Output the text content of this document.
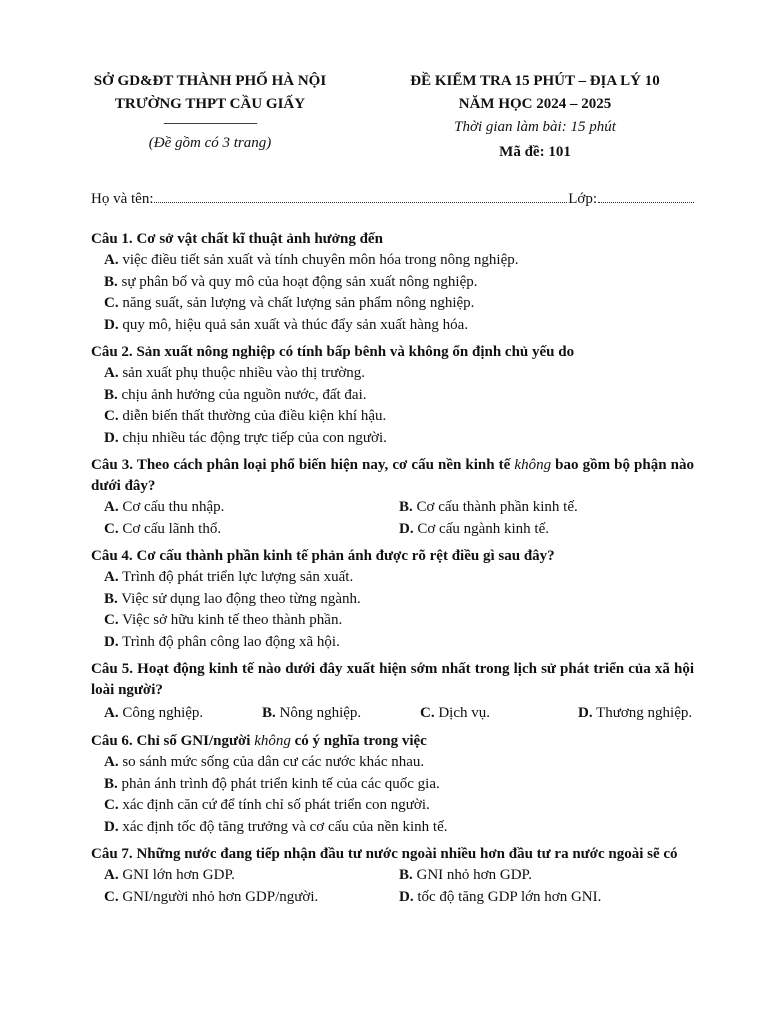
SỞ GD&ĐT THÀNH PHỐ HÀ NỘI
TRƯỜNG THPT CẦU GIẤY
-----------------------------------
(Đề gồm có 3 trang)
ĐỀ KIỂM TRA 15 PHÚT – ĐỊA LÝ 10
NĂM HỌC 2024 – 2025
Thời gian làm bài: 15 phút
Mã đề: 101
Họ và tên:	Lớp:
Câu 1. Cơ sở vật chất kĩ thuật ảnh hưởng đến
A. việc điều tiết sản xuất và tính chuyên môn hóa trong nông nghiệp.
B. sự phân bố và quy mô của hoạt động sản xuất nông nghiệp.
C. năng suất, sản lượng và chất lượng sản phẩm nông nghiệp.
D. quy mô, hiệu quả sản xuất và thúc đẩy sản xuất hàng hóa.
Câu 2. Sản xuất nông nghiệp có tính bấp bênh và không ổn định chủ yếu do
A. sản xuất phụ thuộc nhiều vào thị trường.
B. chịu ảnh hưởng của nguồn nước, đất đai.
C. diễn biến thất thường của điều kiện khí hậu.
D. chịu nhiều tác động trực tiếp của con người.
Câu 3. Theo cách phân loại phổ biến hiện nay, cơ cấu nền kinh tế không bao gồm bộ phận nào dưới đây?
A. Cơ cấu thu nhập.	B. Cơ cấu thành phần kinh tế.
C. Cơ cấu lãnh thổ.	D. Cơ cấu ngành kinh tế.
Câu 4. Cơ cấu thành phần kinh tế phản ánh được rõ rệt điều gì sau đây?
A. Trình độ phát triển lực lượng sản xuất.
B. Việc sử dụng lao động theo từng ngành.
C. Việc sở hữu kinh tế theo thành phần.
D. Trình độ phân công lao động xã hội.
Câu 5. Hoạt động kinh tế nào dưới đây xuất hiện sớm nhất trong lịch sử phát triển của xã hội loài người?
A. Công nghiệp.	B. Nông nghiệp.	C. Dịch vụ.	D. Thương nghiệp.
Câu 6. Chỉ số GNI/người không có ý nghĩa trong việc
A. so sánh mức sống của dân cư các nước khác nhau.
B. phản ánh trình độ phát triển kinh tế của các quốc gia.
C. xác định căn cứ để tính chỉ số phát triển con người.
D. xác định tốc độ tăng trưởng và cơ cấu của nền kinh tế.
Câu 7. Những nước đang tiếp nhận đầu tư nước ngoài nhiều hơn đầu tư ra nước ngoài sẽ có
A. GNI lớn hơn GDP.	B. GNI nhỏ hơn GDP.
C. GNI/người nhỏ hơn GDP/người.	D. tốc độ tăng GDP lớn hơn GNI.
